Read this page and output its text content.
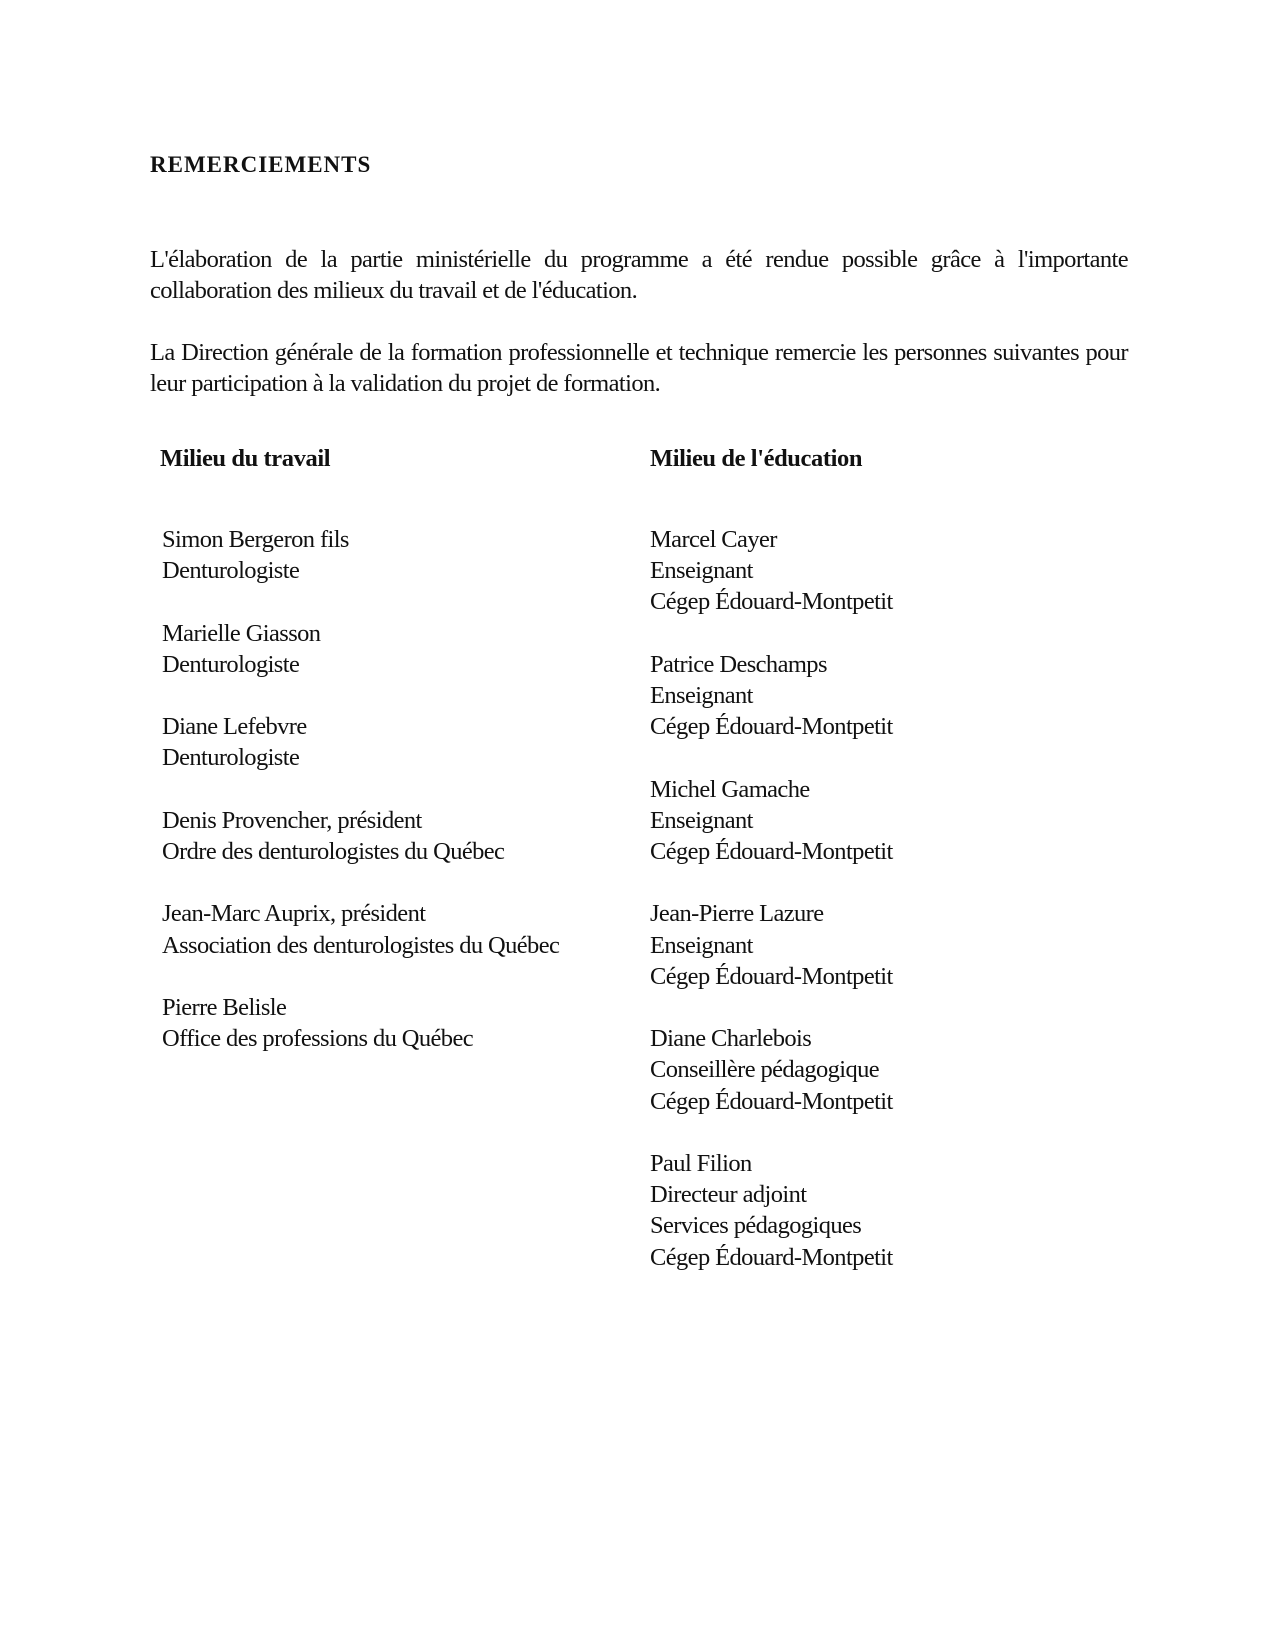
REMERCIEMENTS

L'élaboration de la partie ministérielle du programme a été rendue possible grâce à l'importante collaboration des milieux du travail et de l'éducation.

La Direction générale de la formation professionnelle et technique remercie les personnes suivantes pour leur participation à la validation du projet de formation.

Milieu du travail	Milieu de l'éducation
Simon Bergeron fils
Denturologiste
Marielle Giasson
Denturologiste
Diane Lefebvre
Denturologiste
Denis Provencher, président
Ordre des denturologistes du Québec
Jean-Marc Auprix, président
Association des denturologistes du Québec
Pierre Belisle
Office des professions du Québec
Marcel Cayer
Enseignant
Cégep Édouard-Montpetit
Patrice Deschamps
Enseignant
Cégep Édouard-Montpetit
Michel Gamache
Enseignant
Cégep Édouard-Montpetit
Jean-Pierre Lazure
Enseignant
Cégep Édouard-Montpetit
Diane Charlebois
Conseillère pédagogique
Cégep Édouard-Montpetit
Paul Filion
Directeur adjoint
Services pédagogiques
Cégep Édouard-Montpetit
